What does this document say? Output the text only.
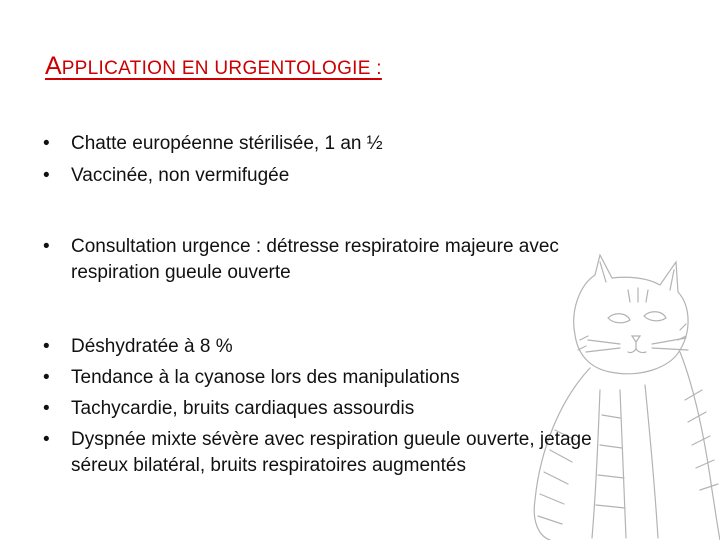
APPLICATION EN URGENTOLOGIE :
• Chatte européenne stérilisée, 1 an ½
• Vaccinée, non vermifugée
• Consultation urgence : détresse respiratoire majeure avec
respiration gueule ouverte
• Déshydratée à 8 %
• Tendance à la cyanose lors des manipulations
• Tachycardie, bruits cardiaques assourdis
• Dyspnée mixte sévère avec respiration gueule ouverte, jetage
séreux bilatéral, bruits respiratoires augmentés
